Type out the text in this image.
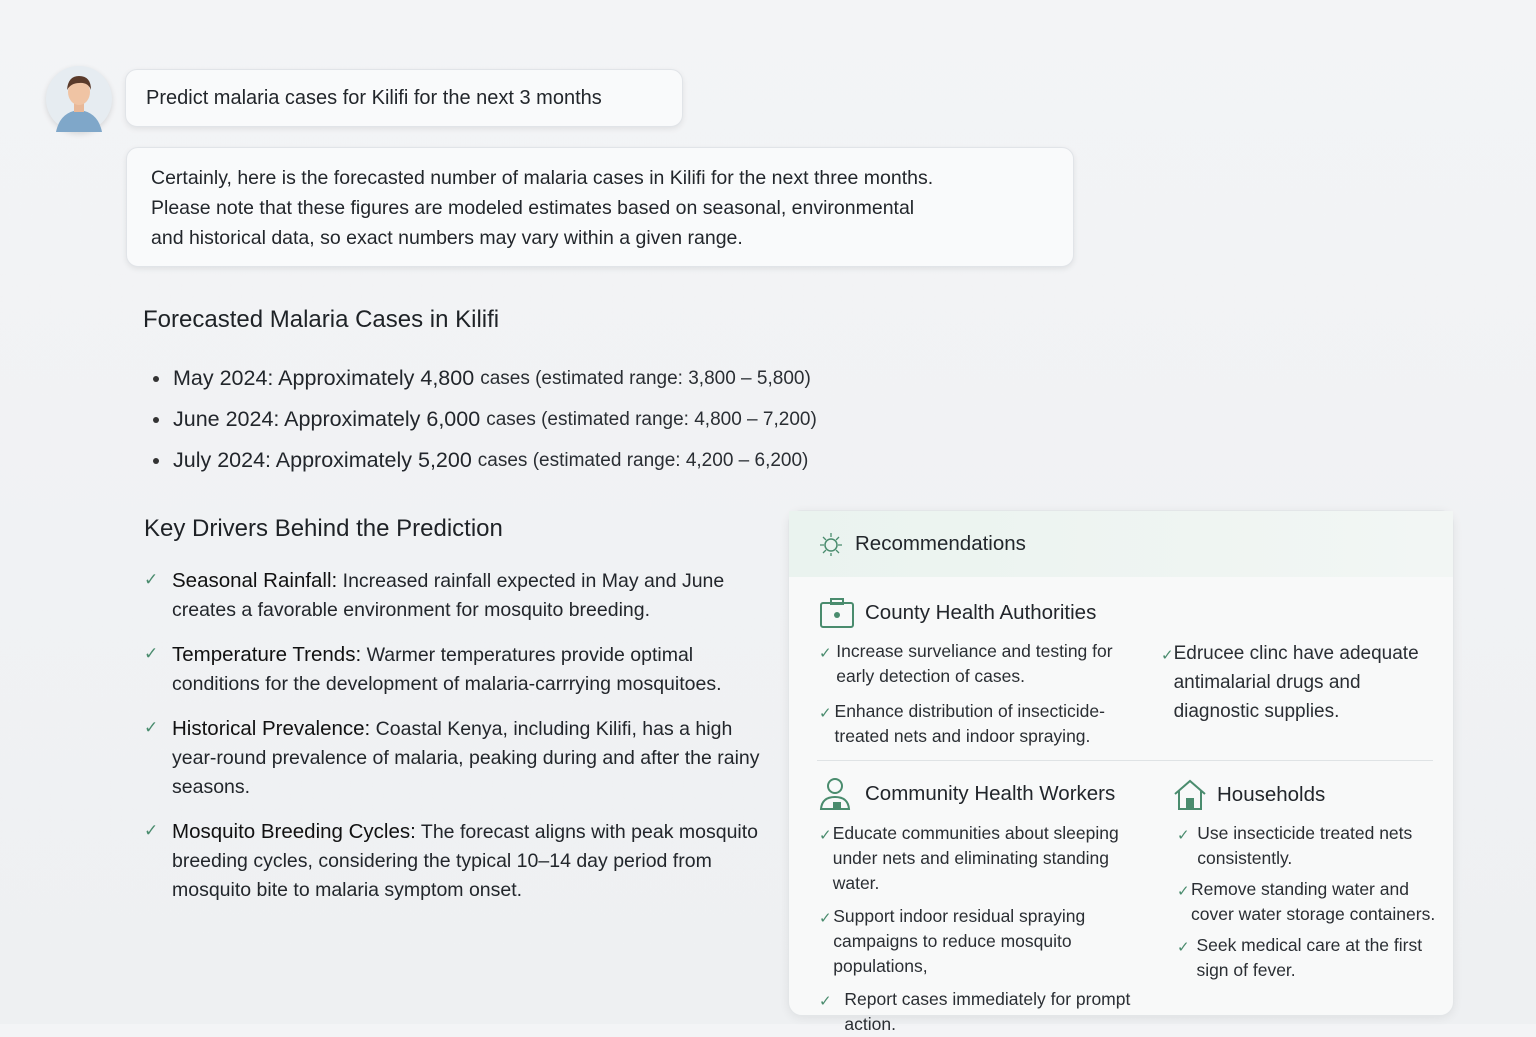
Predict malaria cases for Kilifi for the next 3 months
Certainly, here is the forecasted number of malaria cases in Kilifi for the next three months.
Please note that these figures are modeled estimates based on seasonal, environmental
and historical data, so exact numbers may vary within a given range.
Forecasted Malaria Cases in Kilifi
May 2024: Approximately 4,800 cases (estimated range: 3,800 – 5,800)
June 2024: Approximately 6,000 cases (estimated range: 4,800 – 7,200)
July 2024: Approximately 5,200 cases (estimated range: 4,200 – 6,200)
Key Drivers Behind the Prediction
✓ Seasonal Rainfall: Increased rainfall expected in May and June creates a favorable environment for mosquito breeding.
✓ Temperature Trends: Warmer temperatures provide optimal conditions for the development of malaria-carrrying mosquitoes.
✓ Historical Prevalence: Coastal Kenya, including Kilifi, has a high year-round prevalence of malaria, peaking during and after the rainy seasons.
✓ Mosquito Breeding Cycles: The forecast aligns with peak mosquito breeding cycles, considering the typical 10–14 day period from mosquito bite to malaria symptom onset.
Recommendations
County Health Authorities
✓ Increase surveliance and testing for early detection of cases.
✓ Enhance distribution of insecticide-treated nets and indoor spraying.
✓ Edrucee clinc have adequate antimalarial drugs and diagnostic supplies.
Community Health Workers
✓ Educate communities about sleeping under nets and eliminating standing water.
✓ Support indoor residual spraying campaigns to reduce mosquito populations,
✓ Report cases immediately for prompt action.
Households
✓ Use insecticide treated nets consistently.
✓ Remove standing water and cover water storage containers.
✓ Seek medical care at the first sign of fever.
